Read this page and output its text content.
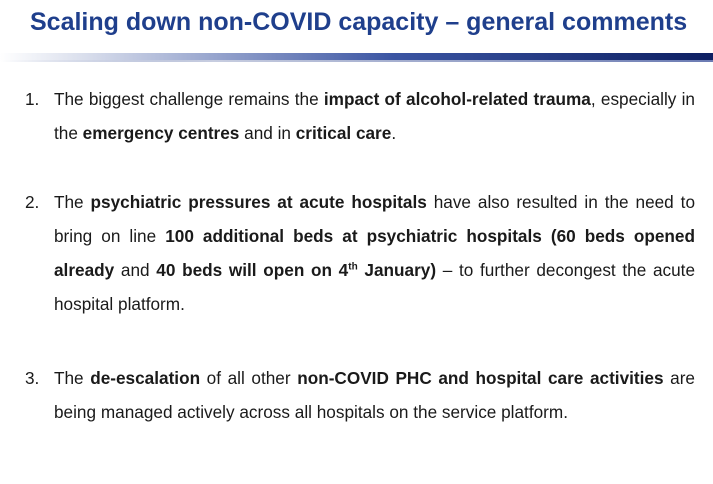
Scaling down non-COVID capacity – general comments
1. The biggest challenge remains the impact of alcohol-related trauma, especially in the emergency centres and in critical care.
2. The psychiatric pressures at acute hospitals have also resulted in the need to bring on line 100 additional beds at psychiatric hospitals (60 beds opened already and 40 beds will open on 4th January) – to further decongest the acute hospital platform.
3. The de-escalation of all other non-COVID PHC and hospital care activities are being managed actively across all hospitals on the service platform.
